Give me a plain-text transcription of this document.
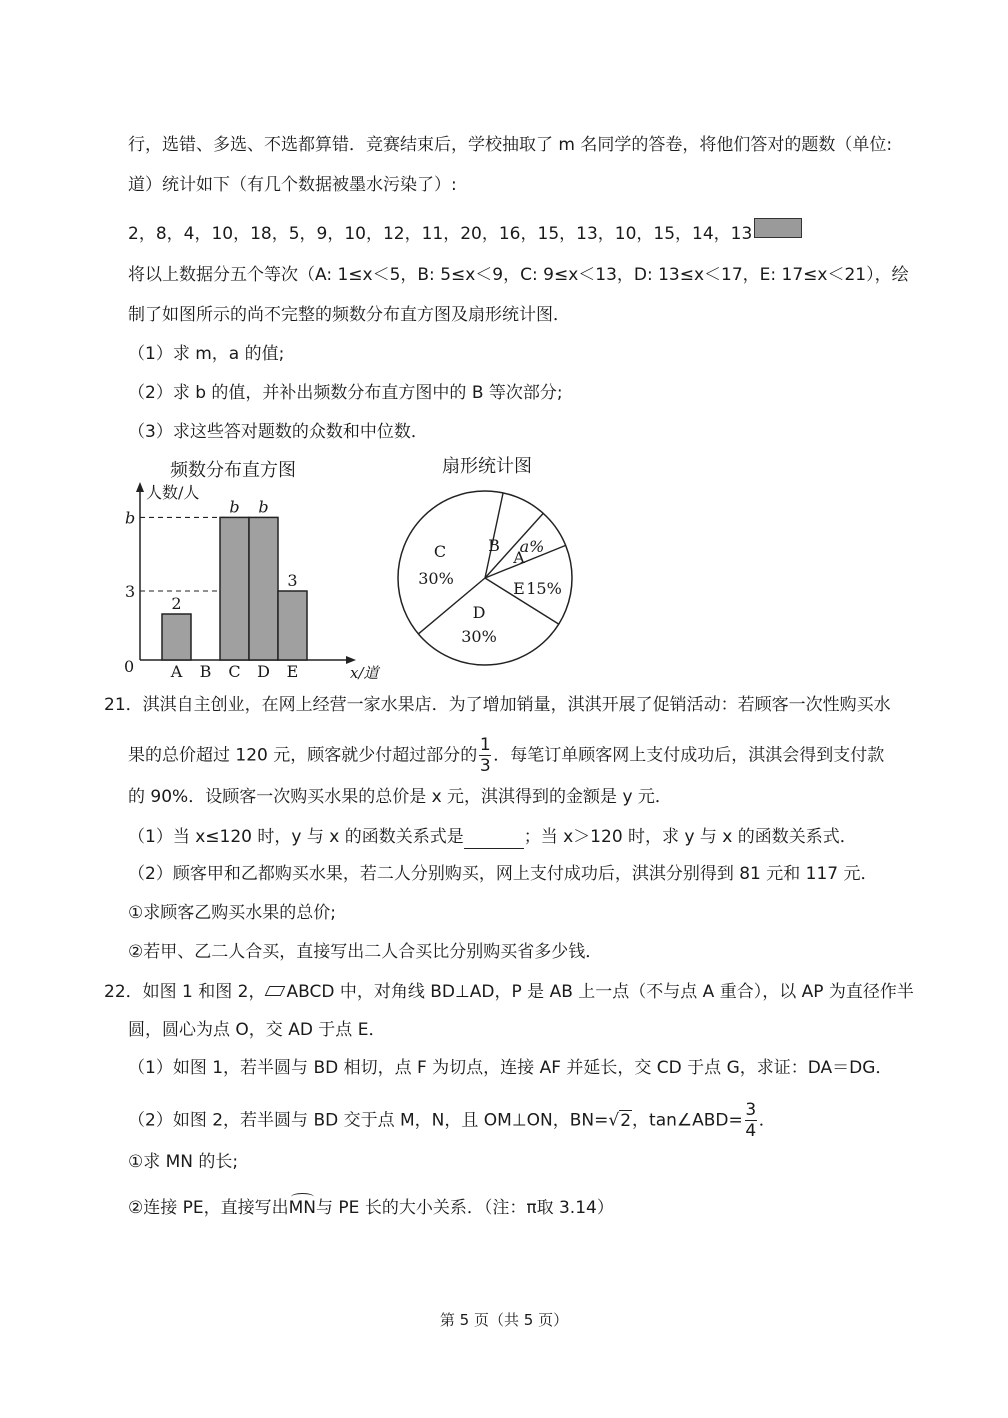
行，选错、多选、不选都算错．竞赛结束后，学校抽取了 m 名同学的答卷，将他们答对的题数（单位:
道）统计如下（有几个数据被墨水污染了）:
2，8，4，10，18，5，9，10，12，11，20，16，15，13，10，15，14，13
将以上数据分五个等次（A: 1≤x＜5，B: 5≤x＜9，C: 9≤x＜13，D: 13≤x＜17，E: 17≤x＜21），绘
制了如图所示的尚不完整的频数分布直方图及扇形统计图．
（1）求 m，a 的值;
（2）求 b 的值，并补出频数分布直方图中的 B 等次部分;
（3）求这些答对题数的众数和中位数．
频数分布直方图
人数/人
x/道
0
3
b
2
b b
3
A B C D E
扇形统计图
A
a%
B
C
30%
D
30%
E 15%
21．淇淇自主创业，在网上经营一家水果店．为了增加销量，淇淇开展了促销活动：若顾客一次性购买水
果的总价超过 120 元，顾客就少付超过部分的 $\frac{1}{3}$ ．每笔订单顾客网上支付成功后，淇淇会得到支付款
的 90%．设顾客一次购买水果的总价是 x 元，淇淇得到的金额是 y 元．
（1）当 x≤120 时，y 与 x 的函数关系式是	；当 x＞120 时，求 y 与 x 的函数关系式．
（2）顾客甲和乙都购买水果，若二人分别购买，网上支付成功后，淇淇分别得到 81 元和 117 元．
①求顾客乙购买水果的总价;
②若甲、乙二人合买，直接写出二人合买比分别购买省多少钱．
22．如图 1 和图 2， ABCD 中，对角线 BD⊥AD，P 是 AB 上一点（不与点 A 重合），以 AP 为直径作半
圆，圆心为点 O，交 AD 于点 E．
（1）如图 1，若半圆与 BD 相切，点 F 为切点，连接 AF 并延长，交 CD 于点 G，求证：DA＝DG．
（2）如图 2，若半圆与 BD 交于点 M，N，且 OM⊥ON，BN=√2，tan∠ABD= $\frac{3}{4}$ ．
①求 MN 的长;
②连接 PE，直接写出MN与 PE 长的大小关系．（注：π取 3.14）
第 5 页（共 5 页）
